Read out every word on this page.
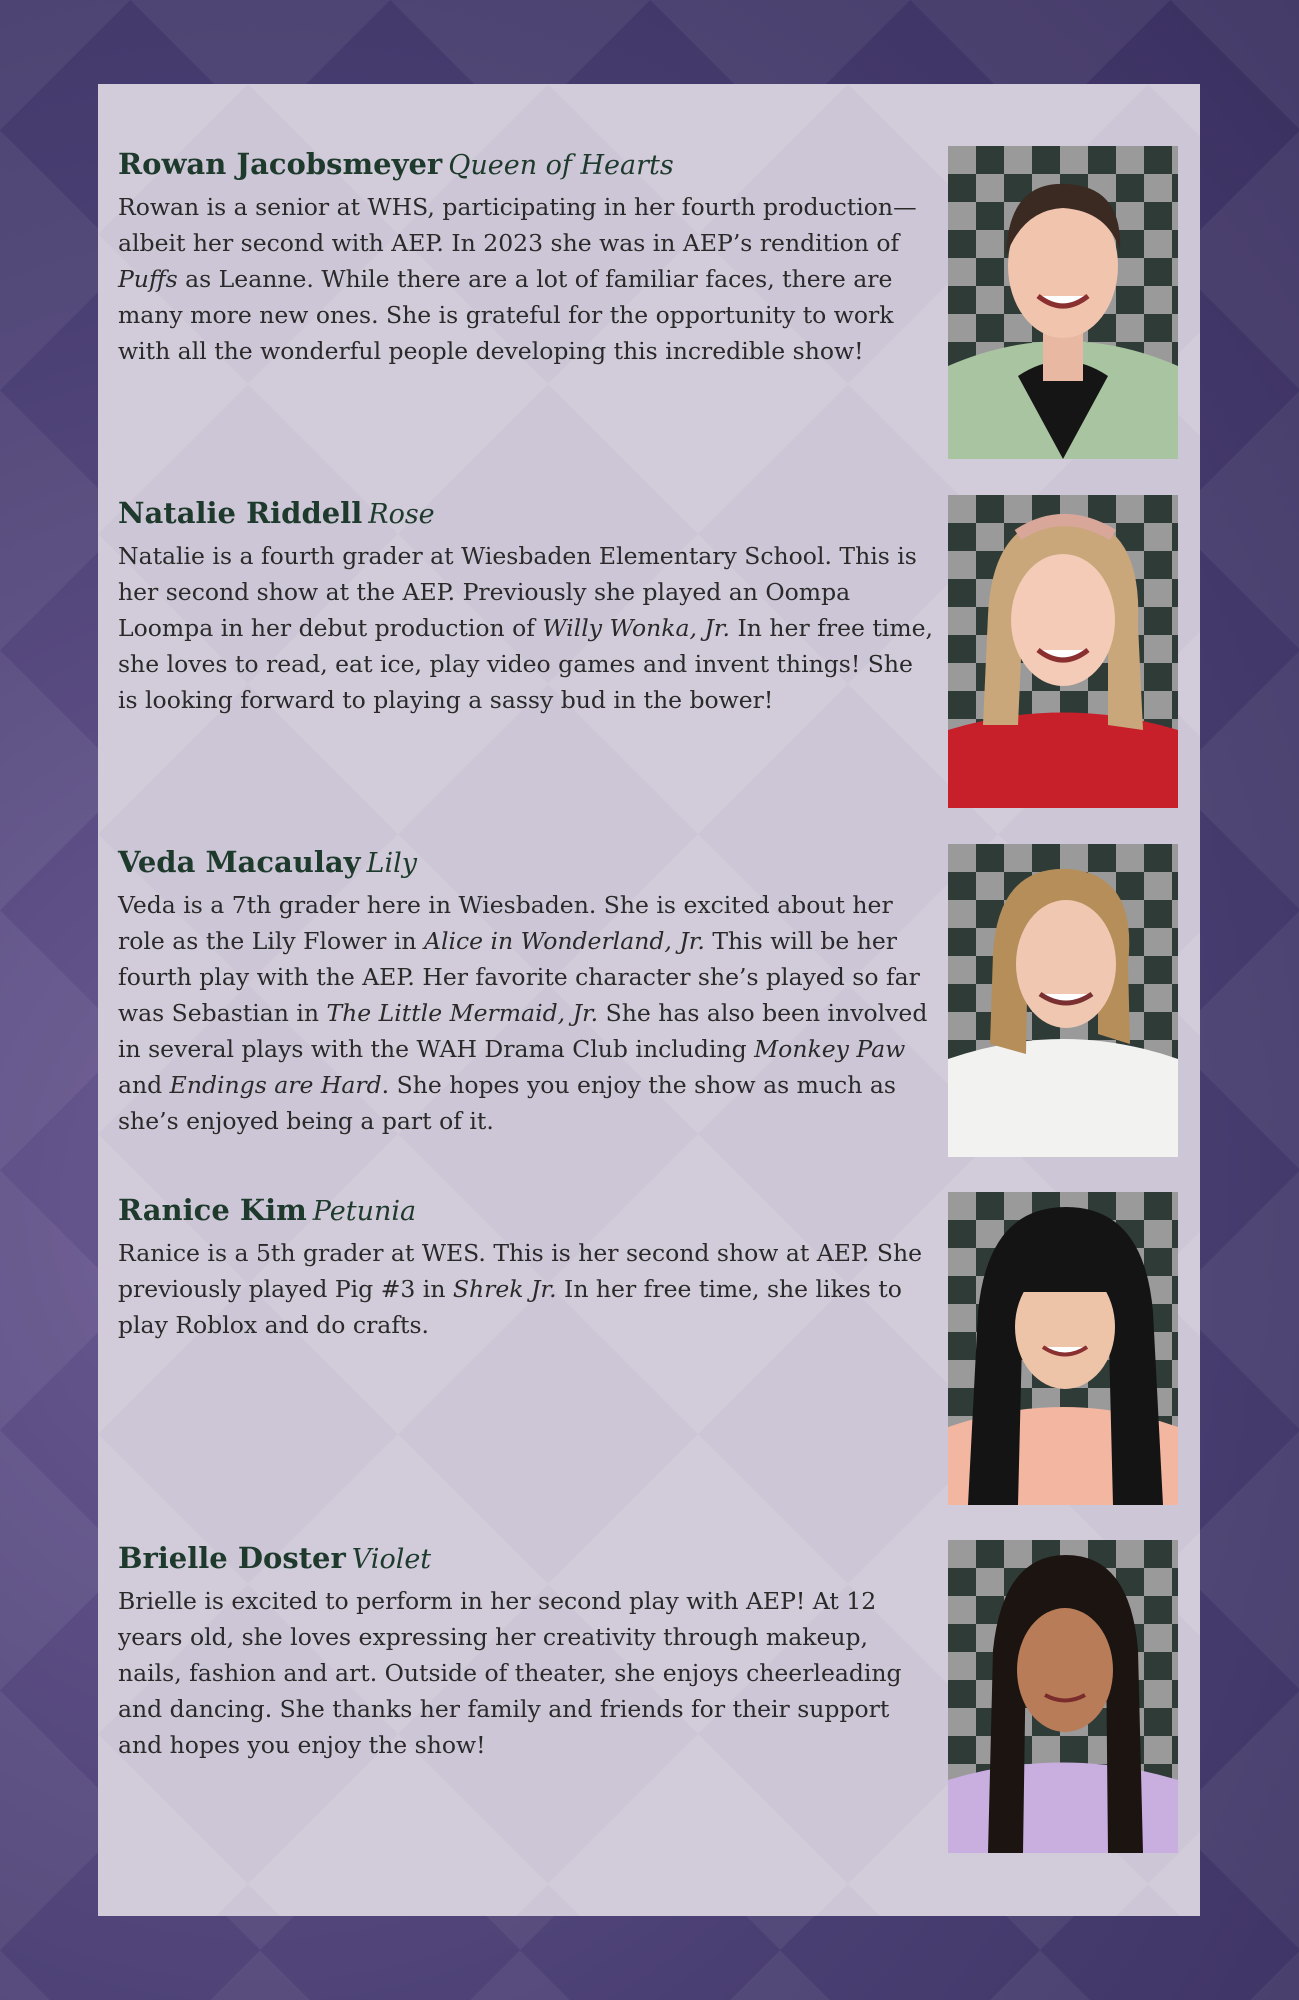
Rowan Jacobsmeyer Queen of Hearts

Rowan is a senior at WHS, participating in her fourth production—albeit her second with AEP. In 2023 she was in AEP’s rendition of Puffs as Leanne. While there are a lot of familiar faces, there are many more new ones. She is grateful for the opportunity to work with all the wonderful people developing this incredible show!

Natalie Riddell Rose

Natalie is a fourth grader at Wiesbaden Elementary School. This is her second show at the AEP. Previously she played an Oompa Loompa in her debut production of Willy Wonka, Jr. In her free time, she loves to read, eat ice, play video games and invent things! She is looking forward to playing a sassy bud in the bower!

Veda Macaulay Lily

Veda is a 7th grader here in Wiesbaden. She is excited about her role as the Lily Flower in Alice in Wonderland, Jr. This will be her fourth play with the AEP. Her favorite character she’s played so far was Sebastian in The Little Mermaid, Jr. She has also been involved in several plays with the WAH Drama Club including Monkey Paw and Endings are Hard. She hopes you enjoy the show as much as she’s enjoyed being a part of it.

Ranice Kim Petunia

Ranice is a 5th grader at WES. This is her second show at AEP. She previously played Pig #3 in Shrek Jr. In her free time, she likes to play Roblox and do crafts.

Brielle Doster Violet

Brielle is excited to perform in her second play with AEP! At 12 years old, she loves expressing her creativity through makeup, nails, fashion and art. Outside of theater, she enjoys cheerleading and dancing. She thanks her family and friends for their support and hopes you enjoy the show!
